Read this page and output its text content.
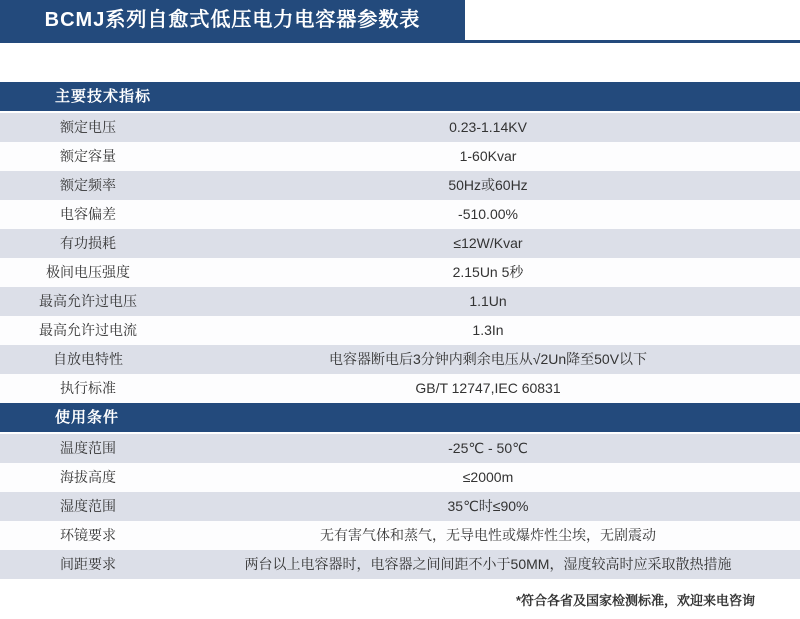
BCMJ系列自愈式低压电力电容器参数表
主要技术指标
额定电压	0.23-1.14KV
额定容量	1-60Kvar
额定频率	50Hz或60Hz
电容偏差	-510.00%
有功损耗	≤12W/Kvar
极间电压强度	2.15Un 5秒
最高允许过电压	1.1Un
最高允许过电流	1.3In
自放电特性	电容器断电后3分钟内剩余电压从√2Un降至50V以下
执行标准	GB/T 12747,IEC 60831
使用条件
温度范围	-25℃ - 50℃
海拔高度	≤2000m
湿度范围	35℃时≤90%
环镜要求	无有害气体和蒸气，无导电性或爆炸性尘埃，无剧震动
间距要求	两台以上电容器时，电容器之间间距不小于50MM，湿度较高时应采取散热措施
*符合各省及国家检测标准，欢迎来电咨询
